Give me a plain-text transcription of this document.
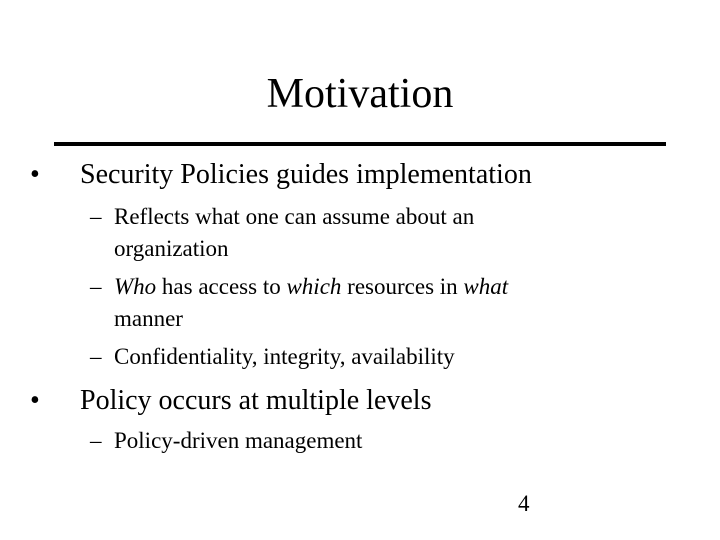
Motivation
• Security Policies guides implementation
– Reflects what one can assume about an
organization
– Who has access to which resources in what
manner
– Confidentiality, integrity, availability
• Policy occurs at multiple levels
– Policy-driven management
4
